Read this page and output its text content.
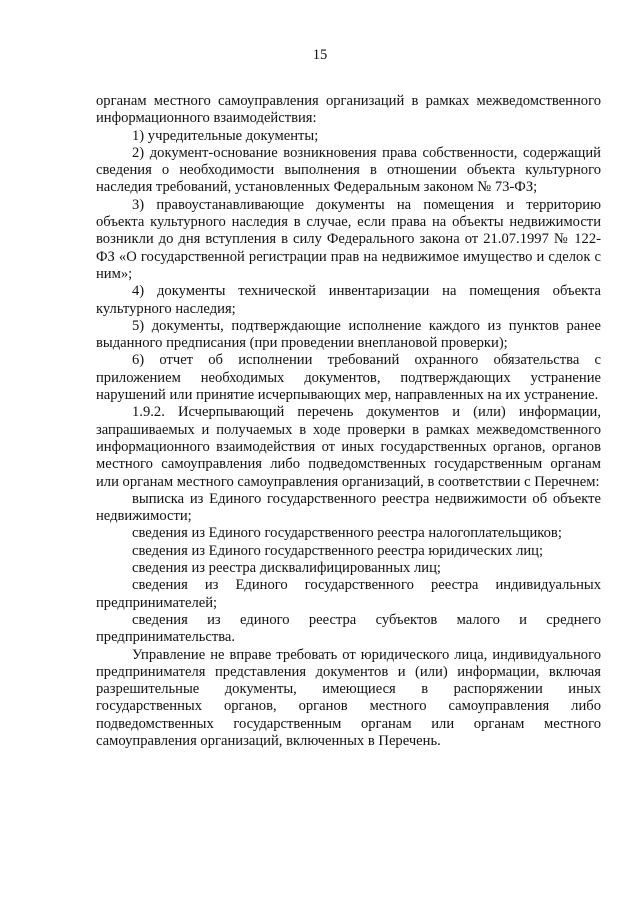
15

органам местного самоуправления организаций в рамках межведомственного информационного взаимодействия:

1) учредительные документы;

2) документ-основание возникновения права собственности, содержащий сведения о необходимости выполнения в отношении объекта культурного наследия требований, установленных Федеральным законом № 73-ФЗ;

3) правоустанавливающие документы на помещения и территорию объекта культурного наследия в случае, если права на объекты недвижимости возникли до дня вступления в силу Федерального закона от 21.07.1997 № 122-ФЗ «О государственной регистрации прав на недвижимое имущество и сделок с ним»;

4) документы технической инвентаризации на помещения объекта культурного наследия;

5) документы, подтверждающие исполнение каждого из пунктов ранее выданного предписания (при проведении внеплановой проверки);

6) отчет об исполнении требований охранного обязательства с приложением необходимых документов, подтверждающих устранение нарушений или принятие исчерпывающих мер, направленных на их устранение.

1.9.2. Исчерпывающий перечень документов и (или) информации, запрашиваемых и получаемых в ходе проверки в рамках межведомственного информационного взаимодействия от иных государственных органов, органов местного самоуправления либо подведомственных государственным органам или органам местного самоуправления организаций, в соответствии с Перечнем:

выписка из Единого государственного реестра недвижимости об объекте недвижимости;

сведения из Единого государственного реестра налогоплательщиков;

сведения из Единого государственного реестра юридических лиц;

сведения из реестра дисквалифицированных лиц;

сведения из Единого государственного реестра индивидуальных предпринимателей;

сведения из единого реестра субъектов малого и среднего предпринимательства.

Управление не вправе требовать от юридического лица, индивидуального предпринимателя представления документов и (или) информации, включая разрешительные документы, имеющиеся в распоряжении иных государственных органов, органов местного самоуправления либо подведомственных государственным органам или органам местного самоуправления организаций, включенных в Перечень.
